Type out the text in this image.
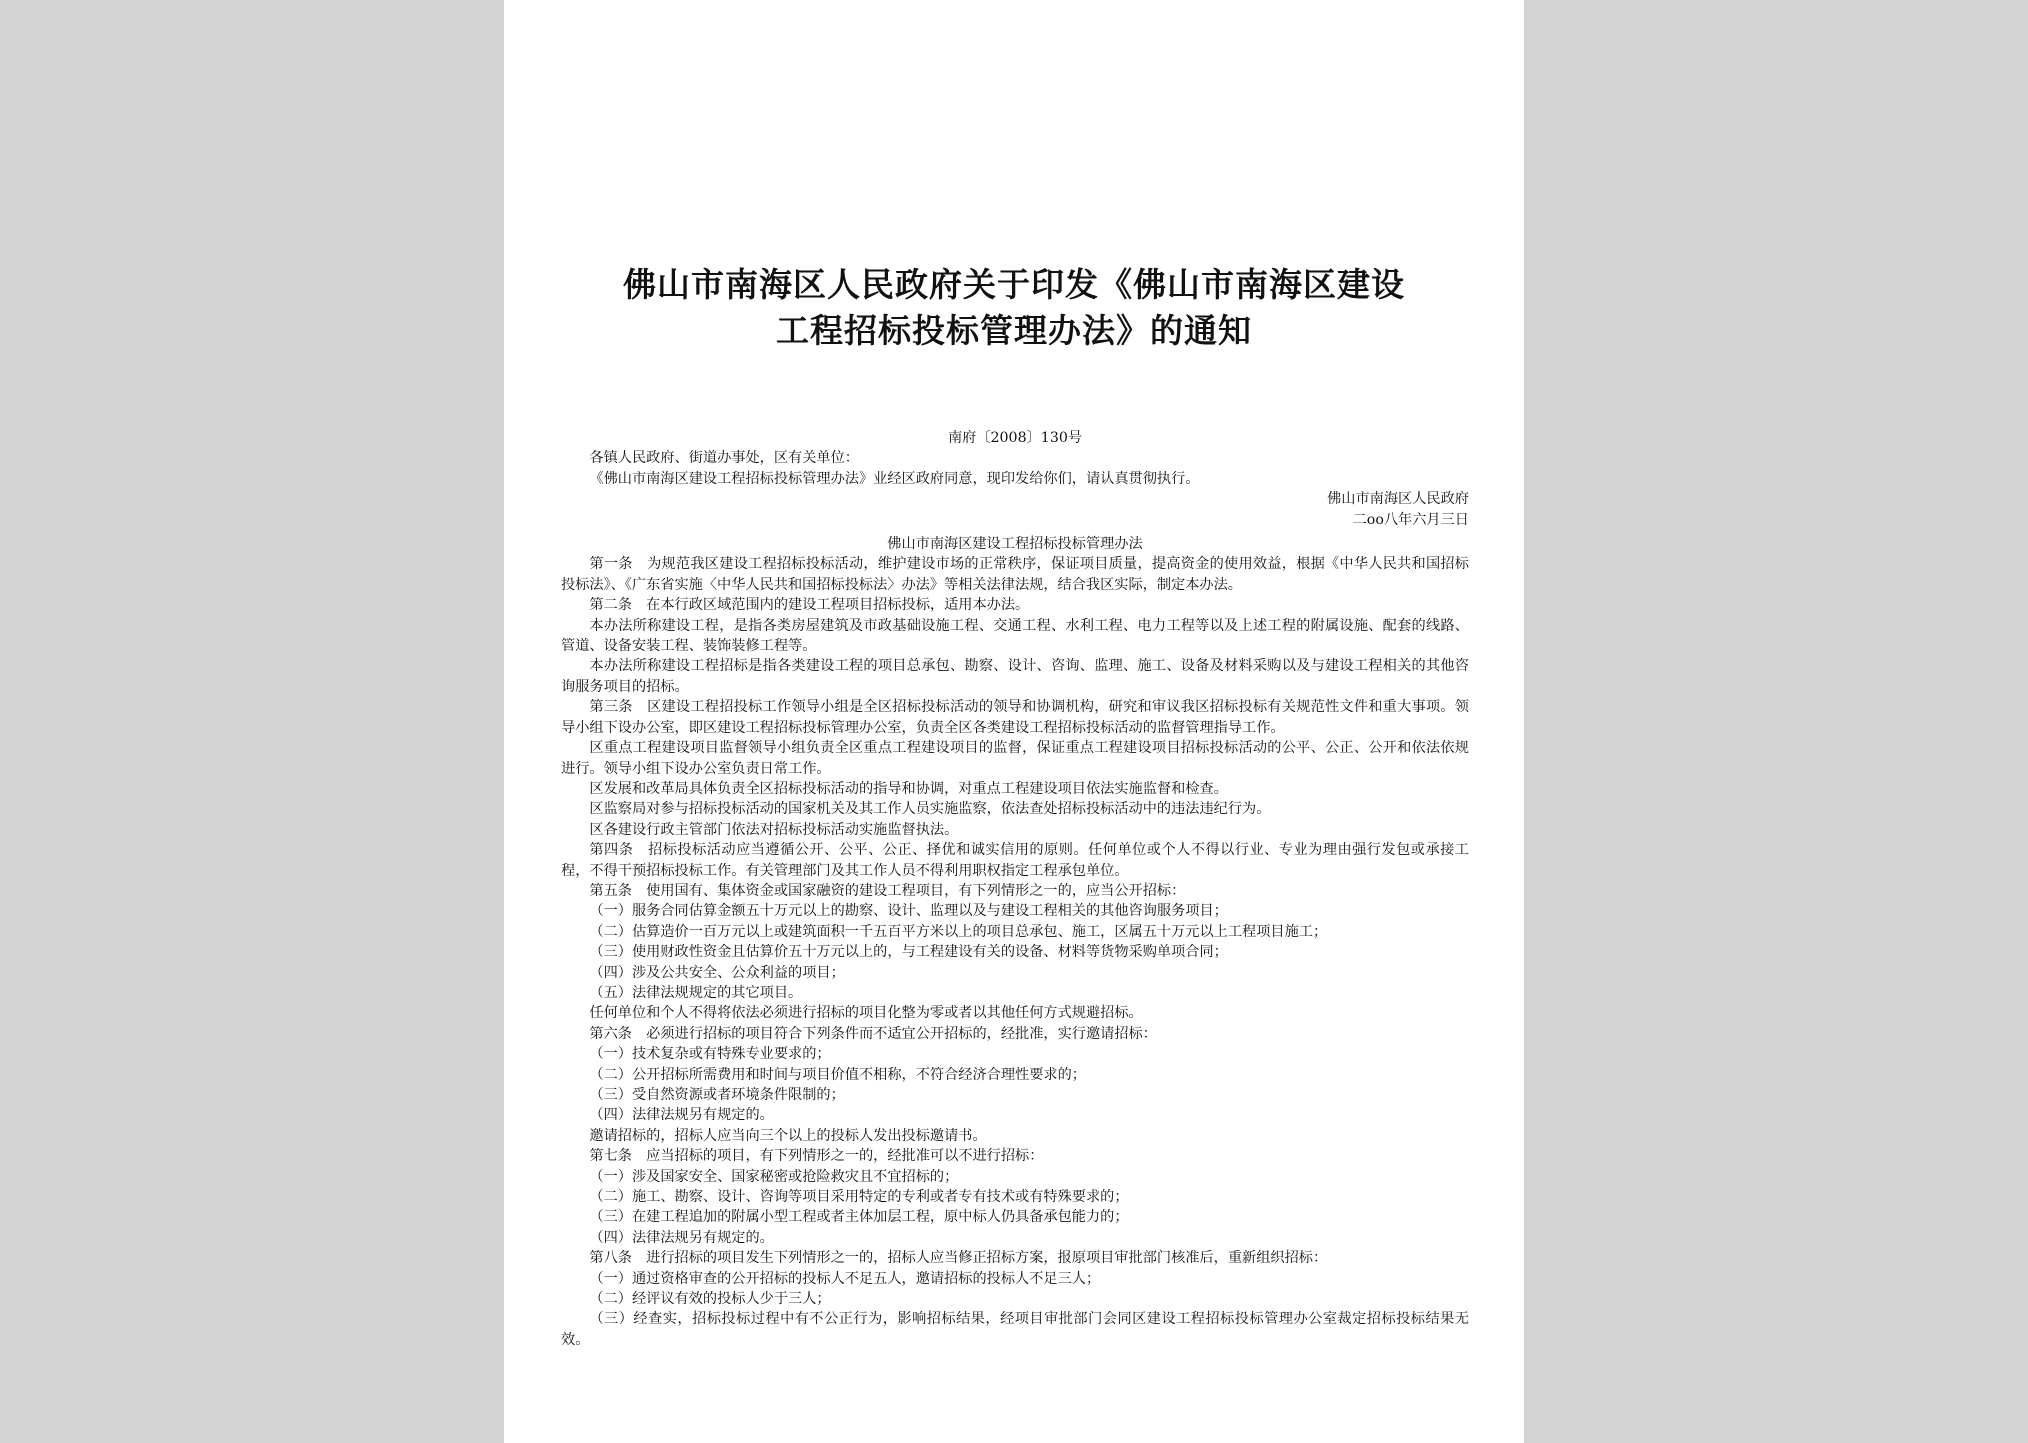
佛山市南海区人民政府关于印发《佛山市南海区建设
工程招标投标管理办法》的通知
南府〔2008〕130号
各镇人民政府、街道办事处，区有关单位：
《佛山市南海区建设工程招标投标管理办法》业经区政府同意，现印发给你们，请认真贯彻执行。
佛山市南海区人民政府
二oo八年六月三日
佛山市南海区建设工程招标投标管理办法
第一条　为规范我区建设工程招标投标活动，维护建设市场的正常秩序，保证项目质量，提高资金的使用效益，根据《中华人民共和国招标投标法》、《广东省实施〈中华人民共和国招标投标法〉办法》等相关法律法规，结合我区实际，制定本办法。
第二条　在本行政区域范围内的建设工程项目招标投标，适用本办法。
本办法所称建设工程，是指各类房屋建筑及市政基础设施工程、交通工程、水利工程、电力工程等以及上述工程的附属设施、配套的线路、管道、设备安装工程、装饰装修工程等。
本办法所称建设工程招标是指各类建设工程的项目总承包、勘察、设计、咨询、监理、施工、设备及材料采购以及与建设工程相关的其他咨询服务项目的招标。
第三条　区建设工程招投标工作领导小组是全区招标投标活动的领导和协调机构，研究和审议我区招标投标有关规范性文件和重大事项。领导小组下设办公室，即区建设工程招标投标管理办公室，负责全区各类建设工程招标投标活动的监督管理指导工作。
区重点工程建设项目监督领导小组负责全区重点工程建设项目的监督，保证重点工程建设项目招标投标活动的公平、公正、公开和依法依规进行。领导小组下设办公室负责日常工作。
区发展和改革局具体负责全区招标投标活动的指导和协调，对重点工程建设项目依法实施监督和检查。
区监察局对参与招标投标活动的国家机关及其工作人员实施监察，依法查处招标投标活动中的违法违纪行为。
区各建设行政主管部门依法对招标投标活动实施监督执法。
第四条　招标投标活动应当遵循公开、公平、公正、择优和诚实信用的原则。任何单位或个人不得以行业、专业为理由强行发包或承接工程，不得干预招标投标工作。有关管理部门及其工作人员不得利用职权指定工程承包单位。
第五条　使用国有、集体资金或国家融资的建设工程项目，有下列情形之一的，应当公开招标：
（一）服务合同估算金额五十万元以上的勘察、设计、监理以及与建设工程相关的其他咨询服务项目；
（二）估算造价一百万元以上或建筑面积一千五百平方米以上的项目总承包、施工，区属五十万元以上工程项目施工；
（三）使用财政性资金且估算价五十万元以上的，与工程建设有关的设备、材料等货物采购单项合同；
（四）涉及公共安全、公众利益的项目；
（五）法律法规规定的其它项目。
任何单位和个人不得将依法必须进行招标的项目化整为零或者以其他任何方式规避招标。
第六条　必须进行招标的项目符合下列条件而不适宜公开招标的，经批准，实行邀请招标：
（一）技术复杂或有特殊专业要求的；
（二）公开招标所需费用和时间与项目价值不相称，不符合经济合理性要求的；
（三）受自然资源或者环境条件限制的；
（四）法律法规另有规定的。
邀请招标的，招标人应当向三个以上的投标人发出投标邀请书。
第七条　应当招标的项目，有下列情形之一的，经批准可以不进行招标：
（一）涉及国家安全、国家秘密或抢险救灾且不宜招标的；
（二）施工、勘察、设计、咨询等项目采用特定的专利或者专有技术或有特殊要求的；
（三）在建工程追加的附属小型工程或者主体加层工程，原中标人仍具备承包能力的；
（四）法律法规另有规定的。
第八条　进行招标的项目发生下列情形之一的，招标人应当修正招标方案，报原项目审批部门核准后，重新组织招标：
（一）通过资格审查的公开招标的投标人不足五人，邀请招标的投标人不足三人；
（二）经评议有效的投标人少于三人；
（三）经查实，招标投标过程中有不公正行为，影响招标结果，经项目审批部门会同区建设工程招标投标管理办公室裁定招标投标结果无效。
